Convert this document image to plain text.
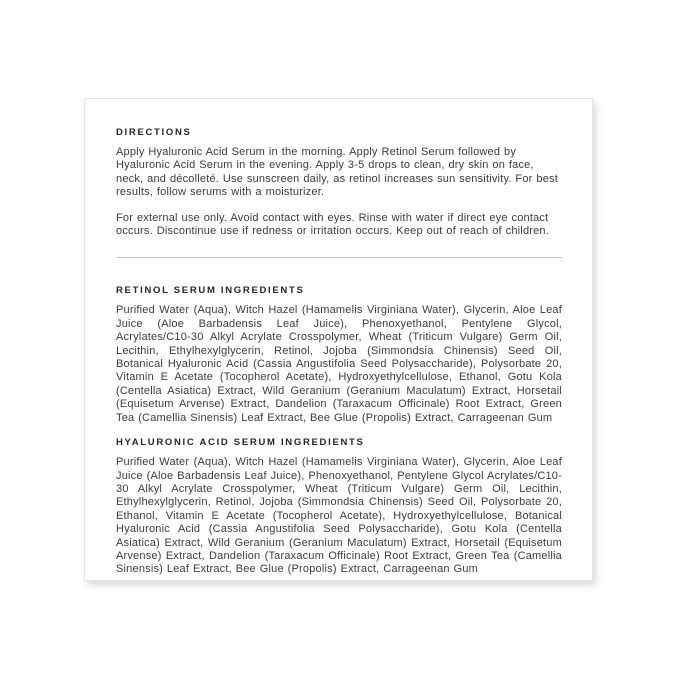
DIRECTIONS

Apply Hyaluronic Acid Serum in the morning. Apply Retinol Serum followed by Hyaluronic Acid Serum in the evening. Apply 3-5 drops to clean, dry skin on face, neck, and décolleté. Use sunscreen daily, as retinol increases sun sensitivity. For best results, follow serums with a moisturizer.

For external use only. Avoid contact with eyes. Rinse with water if direct eye contact occurs. Discontinue use if redness or irritation occurs. Keep out of reach of children.

RETINOL SERUM INGREDIENTS

Purified Water (Aqua), Witch Hazel (Hamamelis Virginiana Water), Glycerin, Aloe Leaf Juice (Aloe Barbadensis Leaf Juice), Phenoxyethanol, Pentylene Glycol, Acrylates/C10-30 Alkyl Acrylate Crosspolymer, Wheat (Triticum Vulgare) Germ Oil, Lecithin, Ethylhexylglycerin, Retinol, Jojoba (Simmondsia Chinensis) Seed Oil, Botanical Hyaluronic Acid (Cassia Angustifolia Seed Polysaccharide), Polysorbate 20, Vitamin E Acetate (Tocopherol Acetate), Hydroxyethylcellulose, Ethanol, Gotu Kola (Centella Asiatica) Extract, Wild Geranium (Geranium Maculatum) Extract, Horsetail (Equisetum Arvense) Extract, Dandelion (Taraxacum Officinale) Root Extract, Green Tea (Camellia Sinensis) Leaf Extract, Bee Glue (Propolis) Extract, Carrageenan Gum

HYALURONIC ACID SERUM INGREDIENTS

Purified Water (Aqua), Witch Hazel (Hamamelis Virginiana Water), Glycerin, Aloe Leaf Juice (Aloe Barbadensis Leaf Juice), Phenoxyethanol, Pentylene Glycol Acrylates/C10-30 Alkyl Acrylate Crosspolymer, Wheat (Triticum Vulgare) Germ Oil, Lecithin, Ethylhexylglycerin, Retinol, Jojoba (Simmondsia Chinensis) Seed Oil, Polysorbate 20, Ethanol, Vitamin E Acetate (Tocopherol Acetate), Hydroxyethylcellulose, Botanical Hyaluronic Acid (Cassia Angustifolia Seed Polysaccharide), Gotu Kola (Centella Asiatica) Extract, Wild Geranium (Geranium Maculatum) Extract, Horsetail (Equisetum Arvense) Extract, Dandelion (Taraxacum Officinale) Root Extract, Green Tea (Camellia Sinensis) Leaf Extract, Bee Glue (Propolis) Extract, Carrageenan Gum
